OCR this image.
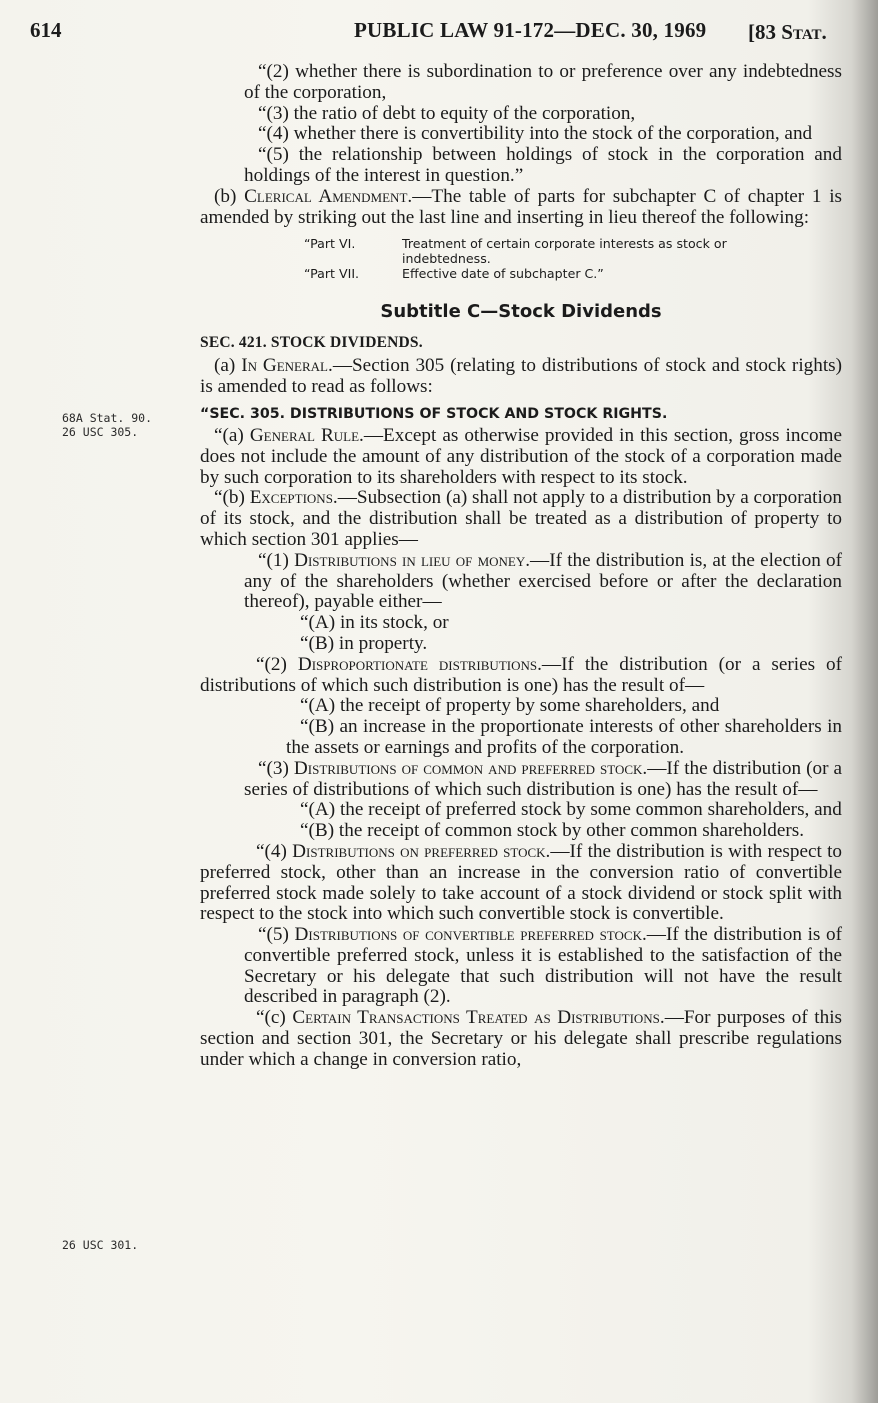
614	PUBLIC LAW 91-172—DEC. 30, 1969 [83 Stat.
68A Stat. 90.
26 USC 305.
26 USC 301.

“(2) whether there is subordination to or preference over any indebtedness of the corporation,

“(3) the ratio of debt to equity of the corporation,

“(4) whether there is convertibility into the stock of the corporation, and

“(5) the relationship between holdings of stock in the corporation and holdings of the interest in question.”

(b) Clerical Amendment.—The table of parts for subchapter C of chapter 1 is amended by striking out the last line and inserting in lieu thereof the following:

“Part VI.	Treatment of certain corporate interests as stock or
indebtedness.
“Part VII.	Effective date of subchapter C.”
Subtitle C—Stock Dividends
SEC. 421. STOCK DIVIDENDS.

(a) In General.—Section 305 (relating to distributions of stock and stock rights) is amended to read as follows:

“SEC. 305. DISTRIBUTIONS OF STOCK AND STOCK RIGHTS.

“(a) General Rule.—Except as otherwise provided in this section, gross income does not include the amount of any distribution of the stock of a corporation made by such corporation to its shareholders with respect to its stock.

“(b) Exceptions.—Subsection (a) shall not apply to a distribution by a corporation of its stock, and the distribution shall be treated as a distribution of property to which section 301 applies—

“(1) Distributions in lieu of money.—If the distribution is, at the election of any of the shareholders (whether exercised before or after the declaration thereof), payable either—

“(A) in its stock, or

“(B) in property.

“(2) Disproportionate distributions.—If the distribution (or a series of distributions of which such distribution is one) has the result of—

“(A) the receipt of property by some shareholders, and

“(B) an increase in the proportionate interests of other shareholders in the assets or earnings and profits of the corporation.

“(3) Distributions of common and preferred stock.—If the distribution (or a series of distributions of which such distribution is one) has the result of—

“(A) the receipt of preferred stock by some common shareholders, and

“(B) the receipt of common stock by other common shareholders.

“(4) Distributions on preferred stock.—If the distribution is with respect to preferred stock, other than an increase in the conversion ratio of convertible preferred stock made solely to take account of a stock dividend or stock split with respect to the stock into which such convertible stock is convertible.

“(5) Distributions of convertible preferred stock.—If the distribution is of convertible preferred stock, unless it is established to the satisfaction of the Secretary or his delegate that such distribution will not have the result described in paragraph (2).

“(c) Certain Transactions Treated as Distributions.—For purposes of this section and section 301, the Secretary or his delegate shall prescribe regulations under which a change in conversion ratio,
